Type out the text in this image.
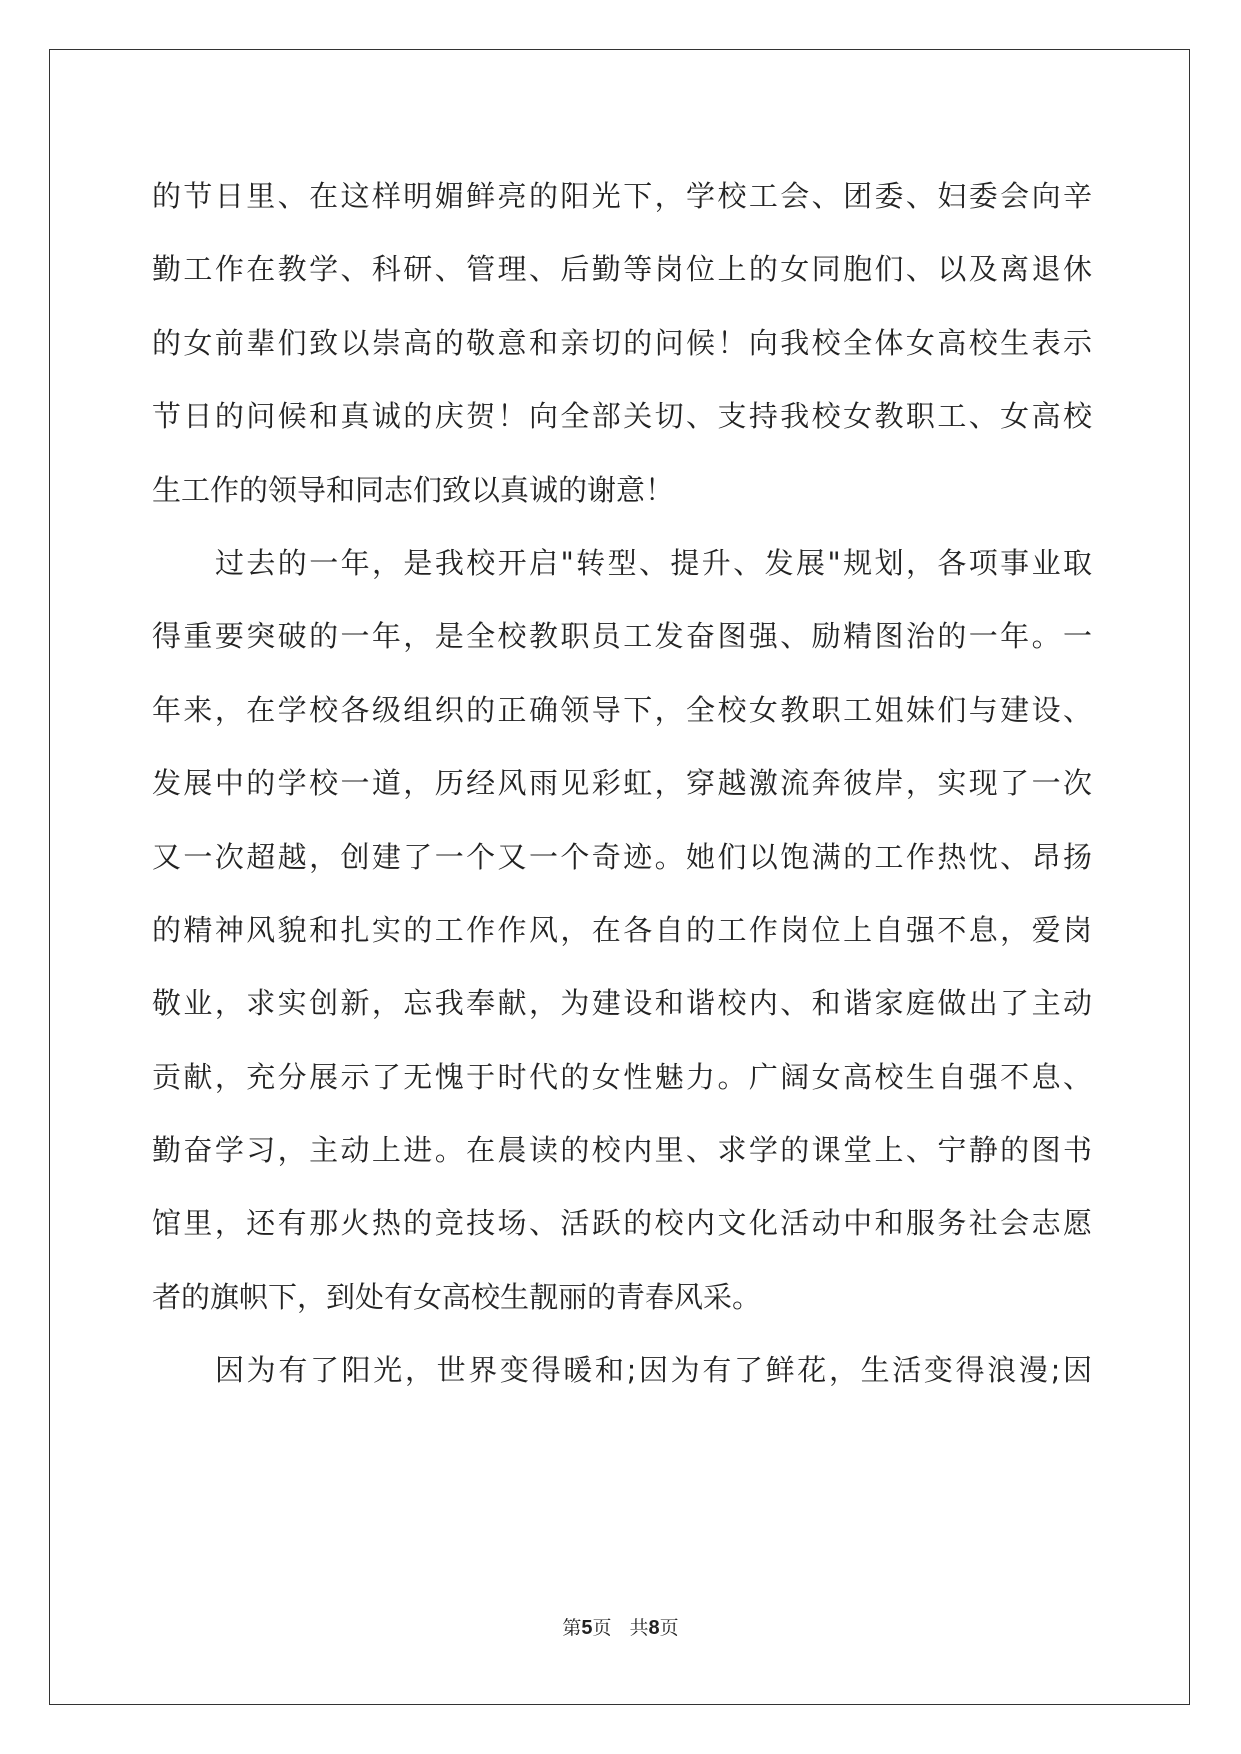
的节日里、在这样明媚鲜亮的阳光下，学校工会、团委、妇委会向辛
勤工作在教学、科研、管理、后勤等岗位上的女同胞们、以及离退休
的女前辈们致以崇高的敬意和亲切的问候！向我校全体女高校生表示
节日的问候和真诚的庆贺！向全部关切、支持我校女教职工、女高校
生工作的领导和同志们致以真诚的谢意！
过去的一年，是我校开启"转型、提升、发展"规划，各项事业取
得重要突破的一年，是全校教职员工发奋图强、励精图治的一年。一
年来，在学校各级组织的正确领导下，全校女教职工姐妹们与建设、
发展中的学校一道，历经风雨见彩虹，穿越激流奔彼岸，实现了一次
又一次超越，创建了一个又一个奇迹。她们以饱满的工作热忱、昂扬
的精神风貌和扎实的工作作风，在各自的工作岗位上自强不息，爱岗
敬业，求实创新，忘我奉献，为建设和谐校内、和谐家庭做出了主动
贡献，充分展示了无愧于时代的女性魅力。广阔女高校生自强不息、
勤奋学习，主动上进。在晨读的校内里、求学的课堂上、宁静的图书
馆里，还有那火热的竞技场、活跃的校内文化活动中和服务社会志愿
者的旗帜下，到处有女高校生靓丽的青春风采。
因为有了阳光，世界变得暖和;因为有了鲜花，生活变得浪漫;因
第5页 共8页
